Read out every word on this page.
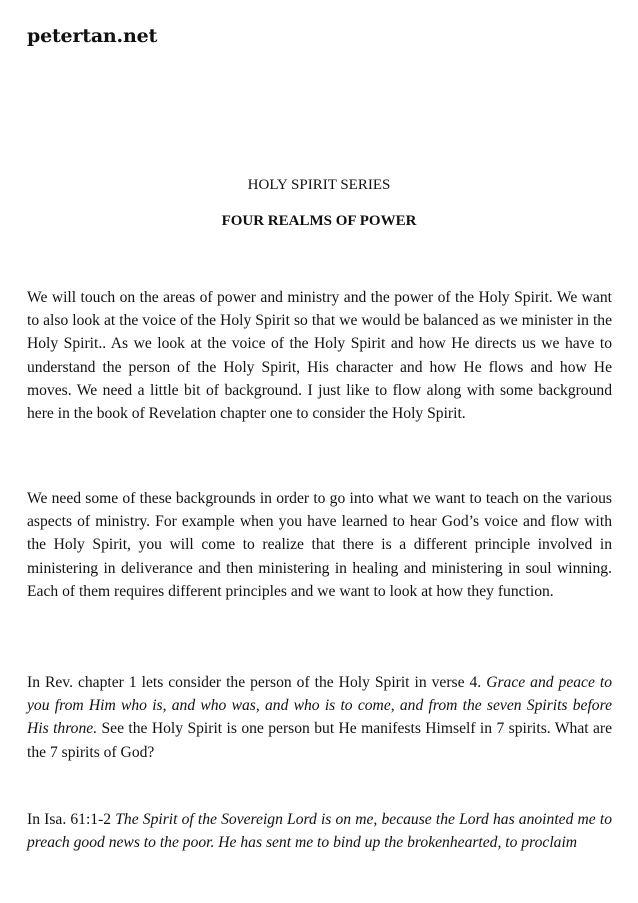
petertan.net
HOLY SPIRIT SERIES
FOUR REALMS OF POWER

We will touch on the areas of power and ministry and the power of the Holy Spirit. We want to also look at the voice of the Holy Spirit so that we would be balanced as we minister in the Holy Spirit.. As we look at the voice of the Holy Spirit and how He directs us we have to understand the person of the Holy Spirit, His character and how He flows and how He moves. We need a little bit of background. I just like to flow along with some background here in the book of Revelation chapter one to consider the Holy Spirit.

We need some of these backgrounds in order to go into what we want to teach on the various aspects of ministry. For example when you have learned to hear God’s voice and flow with the Holy Spirit, you will come to realize that there is a different principle involved in ministering in deliverance and then ministering in healing and ministering in soul winning. Each of them requires different principles and we want to look at how they function.

In Rev. chapter 1 lets consider the person of the Holy Spirit in verse 4. Grace and peace to you from Him who is, and who was, and who is to come, and from the seven Spirits before His throne. See the Holy Spirit is one person but He manifests Himself in 7 spirits. What are the 7 spirits of God?

In Isa. 61:1-2 The Spirit of the Sovereign Lord is on me, because the Lord has anointed me to preach good news to the poor. He has sent me to bind up the brokenhearted, to proclaim
